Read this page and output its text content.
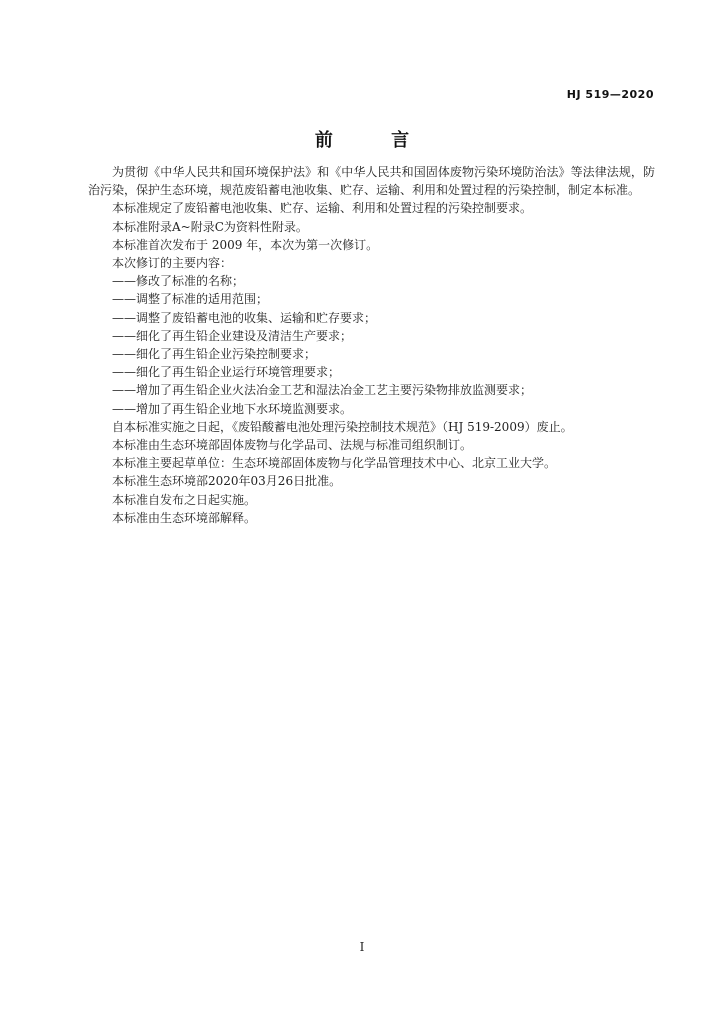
HJ 519—2020
前 言

为贯彻《中华人民共和国环境保护法》和《中华人民共和国固体废物污染环境防治法》等法律法规，防治污染，保护生态环境，规范废铅蓄电池收集、贮存、运输、利用和处置过程的污染控制，制定本标准。

本标准规定了废铅蓄电池收集、贮存、运输、利用和处置过程的污染控制要求。

本标准附录A~附录C为资料性附录。

本标准首次发布于 2009 年，本次为第一次修订。

本次修订的主要内容：

——修改了标准的名称；

——调整了标准的适用范围；

——调整了废铅蓄电池的收集、运输和贮存要求；

——细化了再生铅企业建设及清洁生产要求；

——细化了再生铅企业污染控制要求；

——细化了再生铅企业运行环境管理要求；

——增加了再生铅企业火法冶金工艺和湿法冶金工艺主要污染物排放监测要求；

——增加了再生铅企业地下水环境监测要求。

自本标准实施之日起，《废铅酸蓄电池处理污染控制技术规范》（HJ 519-2009）废止。

本标准由生态环境部固体废物与化学品司、法规与标准司组织制订。

本标准主要起草单位：生态环境部固体废物与化学品管理技术中心、北京工业大学。

本标准生态环境部2020年03月26日批准。

本标准自发布之日起实施。

本标准由生态环境部解释。

I
